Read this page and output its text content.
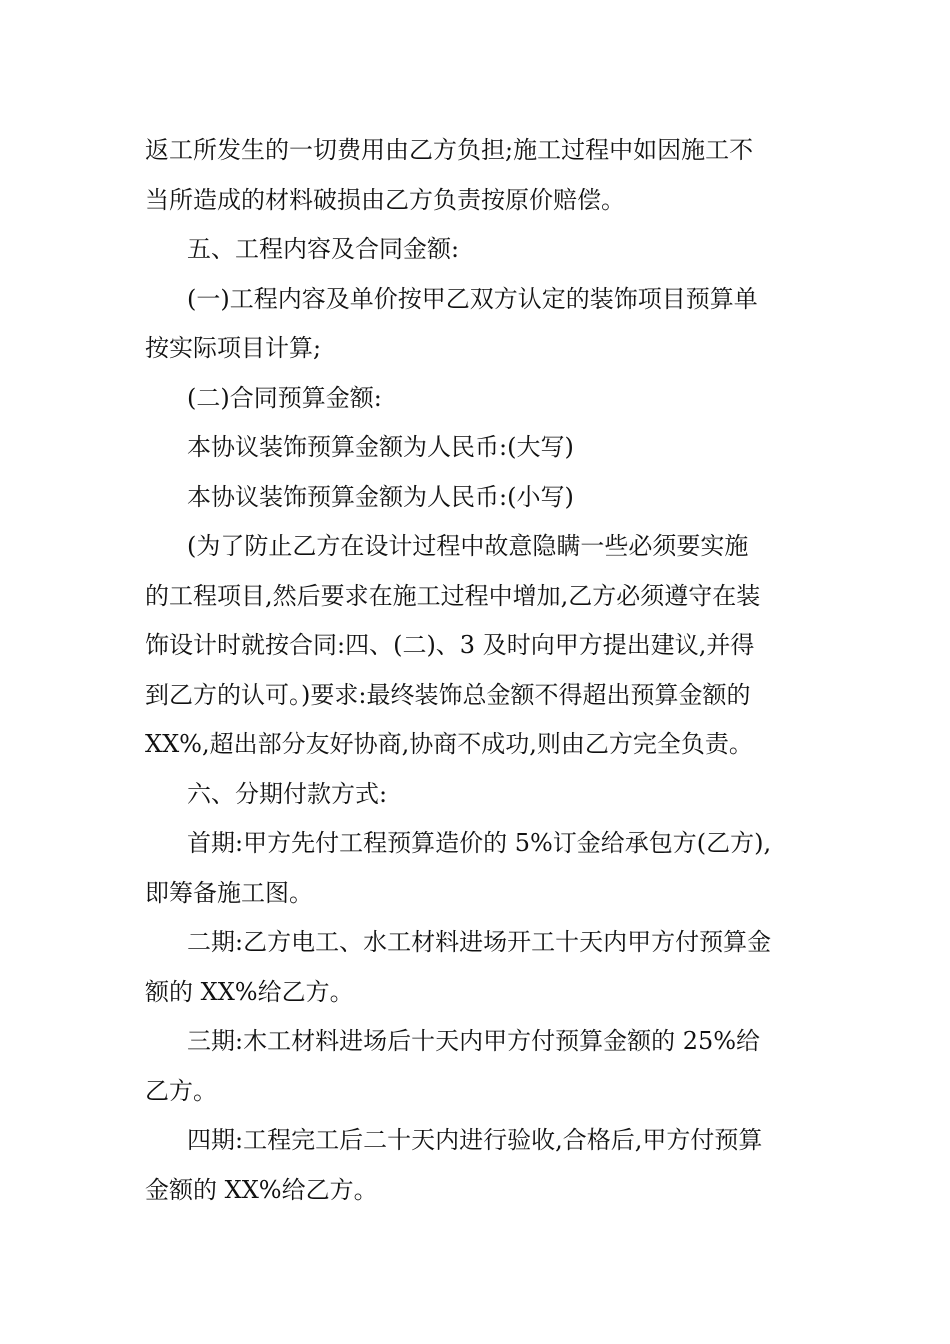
返工所发生的一切费用由乙方负担;施工过程中如因施工不
当所造成的材料破损由乙方负责按原价赔偿。
五、工程内容及合同金额:
(一)工程内容及单价按甲乙双方认定的装饰项目预算单
按实际项目计算;
(二)合同预算金额:
本协议装饰预算金额为人民币:(大写)
本协议装饰预算金额为人民币:(小写)
(为了防止乙方在设计过程中故意隐瞒一些必须要实施
的工程项目,然后要求在施工过程中增加,乙方必须遵守在装
饰设计时就按合同:四、(二)、3 及时向甲方提出建议,并得
到乙方的认可。)要求:最终装饰总金额不得超出预算金额的
XX%,超出部分友好协商,协商不成功,则由乙方完全负责。
六、分期付款方式:
首期:甲方先付工程预算造价的 5%订金给承包方(乙方),
即筹备施工图。
二期:乙方电工、水工材料进场开工十天内甲方付预算金
额的 XX%给乙方。
三期:木工材料进场后十天内甲方付预算金额的 25%给
乙方。
四期:工程完工后二十天内进行验收,合格后,甲方付预算
金额的 XX%给乙方。
